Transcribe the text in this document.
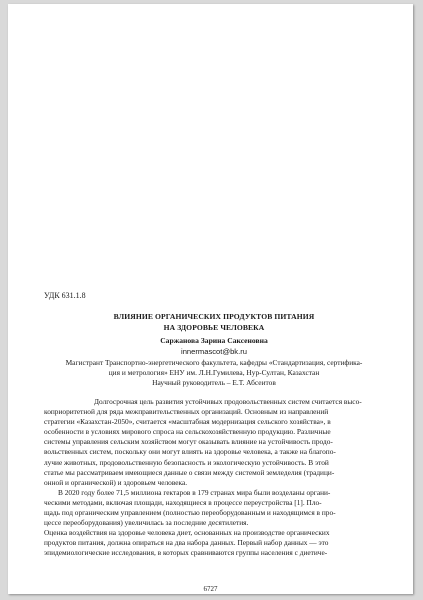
УДК 631.1.8
ВЛИЯНИЕ ОРГАНИЧЕСКИХ ПРОДУКТОВ ПИТАНИЯ
НА ЗДОРОВЬЕ ЧЕЛОВЕКА
Саржанова Зарина Саксеновна
innermascot@bk.ru
Магистрант Транспортно-энергетического факультета, кафедры «Стандартизация, сертифика-
ция и метрология» ЕНУ им. Л.Н.Гумилева, Нур-Султан, Казахстан
Научный руководитель – Е.Т. Абсеитов
Долгосрочная цель развития устойчивых продовольственных систем считается высо-
коприоритетной для ряда межправительственных организаций. Основным из направлений
стратегии «Казахстан-2050», считается «масштабная модернизация сельского хозяйства», в
особенности в условиях мирового спроса на сельскохозяйственную продукцию. Различные
системы управления сельским хозяйством могут оказывать влияние на устойчивость продо-
вольственных систем, поскольку они могут влиять на здоровье человека, а также на благопо-
лучие животных, продовольственную безопасность и экологическую устойчивость. В этой
статье мы рассматриваем имеющиеся данные о связи между системой земледелия (традици-
онной и органической) и здоровьем человека.
В 2020 году более 71,5 миллиона гектаров в 179 странах мира были возделаны органи-
ческими методами, включая площади, находящиеся в процессе переустройства [1]. Пло-
щадь под органическим управлением (полностью переоборудованным и находящимся в про-
цессе переоборудования) увеличилась за последние десятилетия.
Оценка воздействия на здоровье человека диет, основанных на производстве органических
продуктов питания, должна опираться на два набора данных. Первый набор данных — это
эпидемиологические исследования, в которых сравниваются группы населения с диетиче-
6727
